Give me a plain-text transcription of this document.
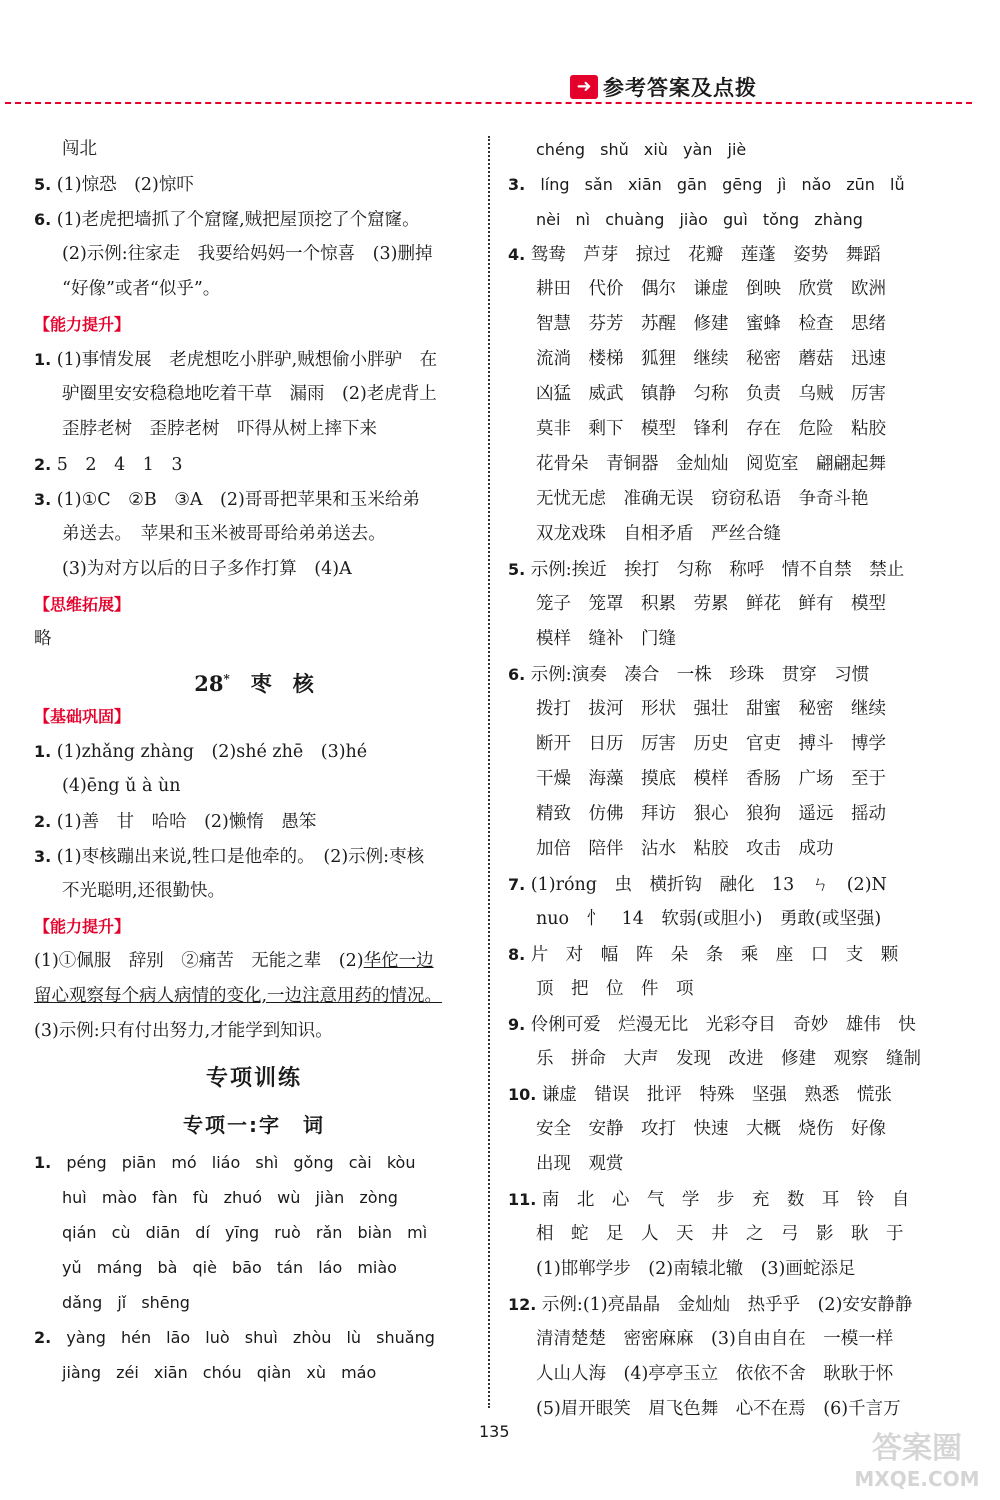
➜ 参考答案及点拨
闯北
5. (1)惊恐　(2)惊吓
6. (1)老虎把墙抓了个窟窿,贼把屋顶挖了个窟窿。
(2)示例:往家走　我要给妈妈一个惊喜　(3)删掉
“好像”或者“似乎”。
【能力提升】
1. (1)事情发展　老虎想吃小胖驴,贼想偷小胖驴　在
驴圈里安安稳稳地吃着干草　漏雨　(2)老虎背上
歪脖老树　歪脖老树　吓得从树上摔下来
2. 5　2　4　1　3
3. (1)①C　②B　③A　(2)哥哥把苹果和玉米给弟
弟送去。　苹果和玉米被哥哥给弟弟送去。
(3)为对方以后的日子多作打算　(4)A
【思维拓展】
略
28*　 枣　核
【基础巩固】
1. (1)zhǎng zhàng　(2)shé zhē　(3)hé
(4)ēng ǔ à ùn
2. (1)善　甘　哈哈　(2)懒惰　愚笨
3. (1)枣核蹦出来说,牲口是他牵的。　(2)示例:枣核
不光聪明,还很勤快。
【能力提升】
(1)①佩服　辞别　②痛苦　无能之辈　(2)华佗一边
留心观察每个病人病情的变化,一边注意用药的情况。
(3)示例:只有付出努力,才能学到知识。
专项训练
专项一:字　词
1. péng piān mó liáo shì gǒng cài kòu
huì mào fàn fù zhuó wù jiàn zòng
qián cù diān dí yīng ruò rǎn biàn mì
yǔ máng bà qiè bāo tán láo miào
dǎng jǐ shēng
2. yàng hén lāo luò shuì zhòu lù shuǎng
jiàng zéi xiān chóu qiàn xù máo
chéng shǔ xiù yàn jiè
3. líng sǎn xiān gān gēng jì nǎo zūn lǚ
nèi nì chuàng jiào guì tǒng zhàng
4. 鸳鸯　芦芽　掠过　花瓣　莲蓬　姿势　舞蹈
耕田　代价　偶尔　谦虚　倒映　欣赏　欧洲
智慧　芬芳　苏醒　修建　蜜蜂　检查　思绪
流淌　楼梯　狐狸　继续　秘密　蘑菇　迅速
凶猛　威武　镇静　匀称　负责　乌贼　厉害
莫非　剩下　模型　锋利　存在　危险　粘胶
花骨朵　青铜器　金灿灿　阅览室　翩翩起舞
无忧无虑　准确无误　窃窃私语　争奇斗艳
双龙戏珠　自相矛盾　严丝合缝
5. 示例:挨近　挨打　匀称　称呼　情不自禁　禁止
笼子　笼罩　积累　劳累　鲜花　鲜有　模型
模样　缝补　门缝
6. 示例:演奏　凑合　一株　珍珠　贯穿　习惯
拨打　拔河　形状　强壮　甜蜜　秘密　继续
断开　日历　厉害　历史　官吏　搏斗　博学
干燥　海藻　摸底　模样　香肠　广场　至于
精致　仿佛　拜访　狠心　狼狗　遥远　摇动
加倍　陪伴　沾水　粘胶　攻击　成功
7. (1)róng　虫　横折钩　融化　13　ㄣ　(2)N
nuo　忄　14　软弱(或胆小)　勇敢(或坚强)
8. 片　对　幅　阵　朵　条　乘　座　口　支　颗
顶　把　位　件　项
9. 伶俐可爱　烂漫无比　光彩夺目　奇妙　雄伟　快
乐　拼命　大声　发现　改进　修建　观察　缝制
10. 谦虚　错误　批评　特殊　坚强　熟悉　慌张
安全　安静　攻打　快速　大概　烧伤　好像
出现　观赏
11. 南　北　心　气　学　步　充　数　耳　铃　自
相　蛇　足　人　天　井　之　弓　影　耿　于
(1)邯郸学步　(2)南辕北辙　(3)画蛇添足
12. 示例:(1)亮晶晶　金灿灿　热乎乎　(2)安安静静
清清楚楚　密密麻麻　(3)自由自在　一模一样
人山人海　(4)亭亭玉立　依依不舍　耿耿于怀
(5)眉开眼笑　眉飞色舞　心不在焉　(6)千言万
135	答案圈
MXQE.COM
